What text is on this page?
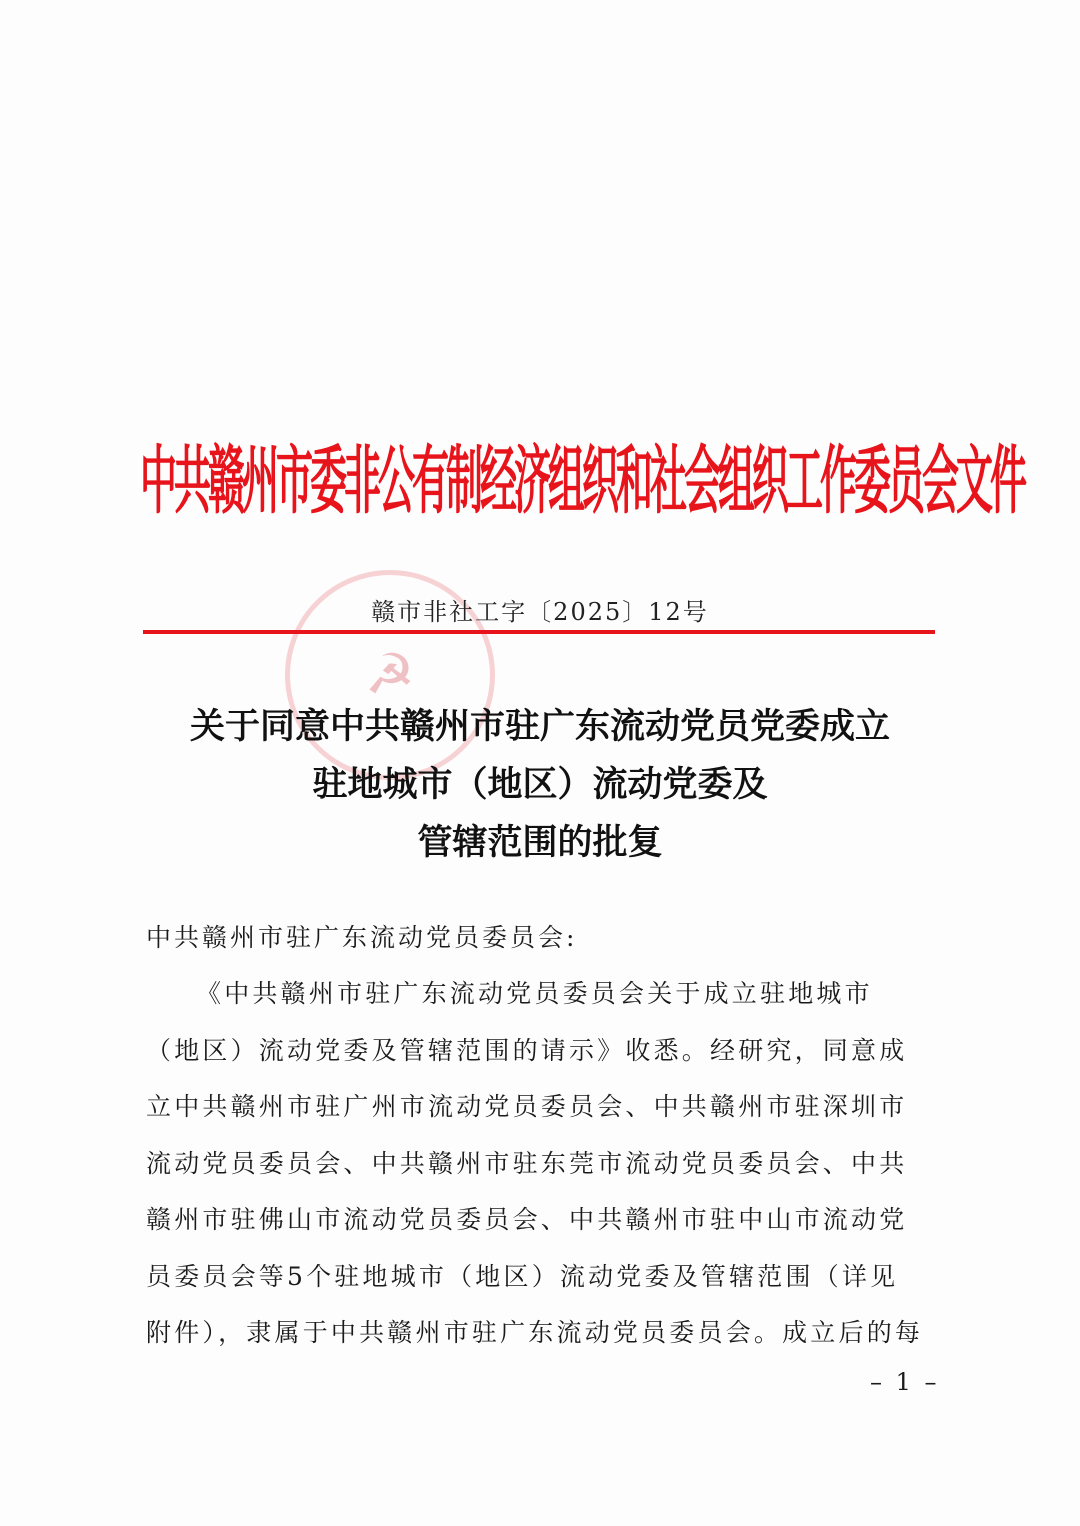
中共赣州市委非公有制经济组织和社会组织工作委员会文件
☭
赣市非社工字〔2025〕12号
关于同意中共赣州市驻广东流动党员党委成立
驻地城市（地区）流动党委及
管辖范围的批复
中共赣州市驻广东流动党员委员会:
《中共赣州市驻广东流动党员委员会关于成立驻地城市
（地区）流动党委及管辖范围的请示》收悉。经研究，同意成
立中共赣州市驻广州市流动党员委员会、中共赣州市驻深圳市
流动党员委员会、中共赣州市驻东莞市流动党员委员会、中共
赣州市驻佛山市流动党员委员会、中共赣州市驻中山市流动党
员委员会等5个驻地城市（地区）流动党委及管辖范围（详见
附件），隶属于中共赣州市驻广东流动党员委员会。成立后的每
– 1 –
